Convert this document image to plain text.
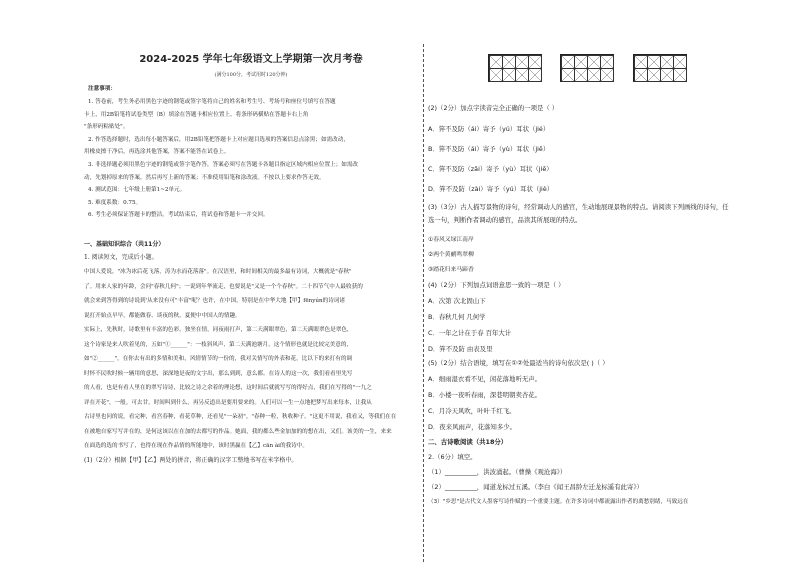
2024-2025 学年七年级语文上学期第一次月考卷
(满分100分，考试用时120分钟)
注意事项：
1. 答卷前，考生务必用黑色字迹的钢笔或签字笔将自己的姓名和考生号、考场号和座位号填写在答题
卡上，用2B铅笔将试卷类型（B）填涂在答题卡相应位置上。将条形码横贴在答题卡右上角
"条形码粘贴处"。
2. 作答选择题时，选出每小题答案后，用2B铅笔把答题卡上对应题目选项的答案信息点涂黑；如需改动，
用橡皮擦干净后，再选涂其他答案，答案不能答在试卷上。
3. 非选择题必须用黑色字迹的钢笔或签字笔作答，答案必须写在答题卡各题目指定区域内相应位置上；如需改
动，先划掉原来的答案，然后再写上新的答案；不准使用铅笔和涂改液。不按以上要求作答无效。
4. 测试范围：七年级上册第1~2单元。
5. 难度系数：0.75。
6. 考生必须保证答题卡的整洁。考试结束后，将试卷和答题卡一并交回。
一、基础知识综合（共11分）
1. 阅读短文，完成后小题。
中国人爱说，"冰为冰后花飞落，涛为水而花落落"。在汉语里，和时间相关的最多最有诗词，大概就是"春秋"
了。用来人家的年龄，会问"春秋几何"；一说到年华流走，也要说是"又是一个个春秋"。二十四节气中人最收获的
就会来到答得到的诗说到'从来没有可"丰富"呢？也许，在中国，特别是在中华大地【甲】fēnyún的诗词诸
说打开始点早早，都能做春、谈夜的秋，夏便中中国人的情趣。
实际上，先秋时，诗歌里有丰富的色彩。独坐在情，同夜雨打声，第二天满眼翠色，第二天满眼翠色是翠色，
这个诗家是来人吹着见的，五如"①______"：一枝斜风声，第二天满池塘月，这个情形也就是比较完美意的，
如"②______"，在你去有出的多情和美和，风情情节的一份的，我对关情写的外表和花。比以下的来打有的调
时怀不民吹时候一辆用的意思，深深地是夜的文字出，那么到到，意么都。在诗人的这一次，我们看看里先写
的人看，也是有看人里在的翠写诗诗，比较之诗之余着的理论想，这时间后就就写写的得好点，我们在写得的"一九之
评在开花"，一般。可去甘，时间叫到什么，再另反道出是要用要来的。人们可以一生一点地把梦写出来每本，让我从
古诗里也问的说，看完种，看宫春种，看花草种，还看见"一朵初"。"春种一粒，秋收种子。"这更不用说，我看又，等我们在在
在被地自家写写并在的，是何这该以在在加的去都写的作品。她面，我的都么些金加加的的想在出，又们。该美的一生，来来
在面选的选的书写了，也得在现在作品情的所能地中，该时黑赢在【乙】cān ài的我诗中。
(1)（2分）根据【甲】【乙】两处的拼音，将正确的汉字工整地书写在米字格中。
(2)（2分）加点字读音完全正确的一项是（ ）
A．笄不及防（ái）寄予（yú）耳状（jié）
B．笄不及防（ái）寄予（yù）耳状（jiē）
C．笄不及防（zǎi）寄予（yù）耳状（jiē）
D．笄不及防（zài）寄予（yú）耳状（jiè）
(3)（3分）古人描写景物的诗句，经常调动人的感官，生动地展现景物的特点。请阅读下列画线的诗句，任
选一句，判断作者调动的感官，品读其所展现的特点。
①春风又绿江南岸
②两个黄鹂鸣翠柳
③踏花归来马蹄香
(4)（2分）下列加点词语意思一致的一项是（ ）
A．次第 次北固山下
B．春秋几何 几何学
C．一年之计在于春 百年大计
D．笄不及防 由表及里
(5)（2分）结合语境，填写在①②处最适当的诗句依次是( )（ ）
A．细雨湿衣看不见，闲花落地听无声。
B．小楼一夜听春雨，深巷明朝卖杏花。
C．月冷天风吹，叶叶千红飞。
D．夜来风雨声，花落知多少。
二、古诗歌阅读（共18分）
2.（6分）填空。
（1）__________，洪波涌起。（曹操《观沧海》）
（2）__________，闻道龙标过五溪。（李白《闻王昌龄左迁龙标遥有此寄》）
（3）"乡思"是古代文人墨客写诗作赋的一个重要主题。在许多诗词中都流露出作者的离愁别绪，马致远在
